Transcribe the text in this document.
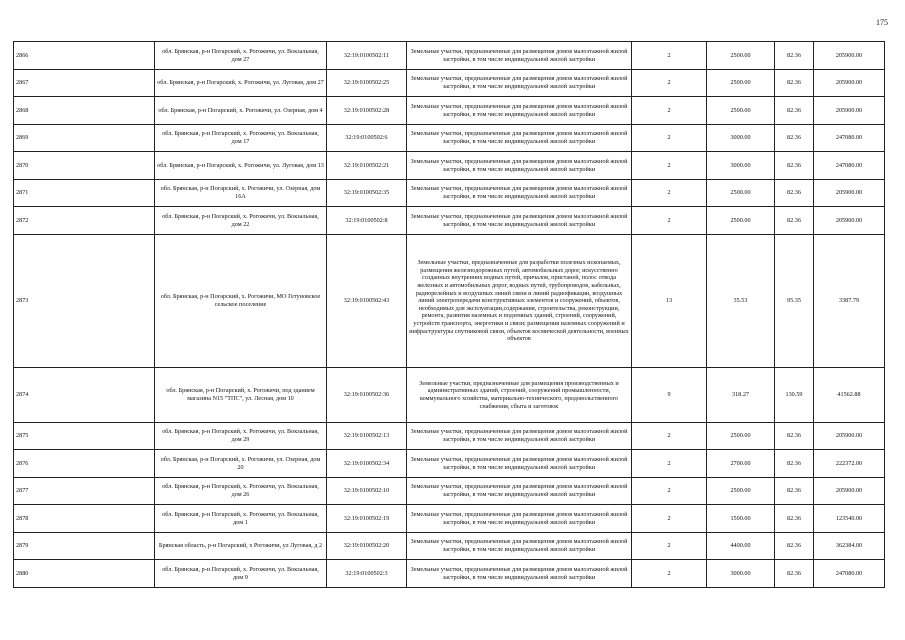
175
2866	обл. Брянская, р-н Погарский, х. Рогожичи, ул. Вокзальная, дом 27	32:19:0100502:11	Земельные участки, предназначенные для размещения домов малоэтажной жилой застройки, в том числе индивидуальной жилой застройки	2	2500.00	82.36	205900.00
2867	обл. Брянская, р-н Погарский, х. Рогожичи, ул. Луговая, дом 27	32:19:0100502:25	Земельные участки, предназначенные для размещения домов малоэтажной жилой застройки, в том числе индивидуальной жилой застройки	2	2500.00	82.36	205900.00
2868	обл. Брянская, р-н Погарский, х. Рогожичи, ул. Озерная, дом 4	32:19:0100502:28	Земельные участки, предназначенные для размещения домов малоэтажной жилой застройки, в том числе индивидуальной жилой застройки	2	2500.00	82.36	205900.00
2869	обл. Брянская, р-н Погарский, х. Рогожичи, ул. Вокзальная, дом 17	32:19:0100502:6	Земельные участки, предназначенные для размещения домов малоэтажной жилой застройки, в том числе индивидуальной жилой застройки	2	3000.00	82.36	247080.00
2870	обл. Брянская, р-н Погарский, х. Рогожичи, ул. Луговая, дом 13	32:19:0100502:21	Земельные участки, предназначенные для размещения домов малоэтажной жилой застройки, в том числе индивидуальной жилой застройки	2	3000.00	82.36	247080.00
2871	обл. Брянская, р-н Погарский, х. Рогожичи, ул. Озерная, дом 16А	32:19:0100502:35	Земельные участки, предназначенные для размещения домов малоэтажной жилой застройки, в том числе индивидуальной жилой застройки	2	2500.00	82.36	205900.00
2872	обл. Брянская, р-н Погарский, х. Рогожичи, ул. Вокзальная, дом 22	32:19:0100502:8	Земельные участки, предназначенные для размещения домов малоэтажной жилой застройки, в том числе индивидуальной жилой застройки	2	2500.00	82.36	205900.00
2873	обл. Брянская, р-н Погарский, х. Рогожичи, МО Гетуновское сельское поселение	32:19:0100502:43	Земельные участки, предназначенные для разработки полезных ископаемых, размещения железнодорожных путей, автомобильных дорог, искусственно созданных внутренних водных путей, причалов, пристаней, полос отвода железных и автомобильных дорог, водных путей, трубопроводов, кабельных, радиорелейных и воздушных линий связи и линий радиофикации, воздушных линий электропередачи конструктивных элементов и сооружений, объектов, необходимых для эксплуатации,содержания, строительства, реконструкции, ремонта, развития наземных и подземных зданий, строений, сооружений, устройств транспорта, энергетики и связи; размещения наземных сооружений и инфраструктуры спутниковой связи, объектов космической деятельности, военных объектов	13	35.53	95.35	3387.79
2874	обл. Брянская, р-н Погарский, х. Рогожичи, под зданием магазина N15 "ТПС", ул. Лесная, дом 10	32:19:0100502:36	Земельные участки, предназначенные для размещения производственных и административных зданий, строений, сооружений промышленности, коммунального хозяйства, материально-технического, продовольственного снабжения, сбыта и заготовок	9	318.27	130.59	41562.88
2875	обл. Брянская, р-н Погарский, х. Рогожичи, ул. Вокзальная, дом 29	32:19:0100502:13	Земельные участки, предназначенные для размещения домов малоэтажной жилой застройки, в том числе индивидуальной жилой застройки	2	2500.00	82.36	205900.00
2876	обл. Брянская, р-н Погарский, х. Рогожичи, ул. Озерная, дом 20	32:19:0100502:34	Земельные участки, предназначенные для размещения домов малоэтажной жилой застройки, в том числе индивидуальной жилой застройки	2	2700.00	82.36	222372.00
2877	обл. Брянская, р-н Погарский, х. Рогожичи, ул. Вокзальная, дом 26	32:19:0100502:10	Земельные участки, предназначенные для размещения домов малоэтажной жилой застройки, в том числе индивидуальной жилой застройки	2	2500.00	82.36	205900.00
2878	обл. Брянская, р-н Погарский, х. Рогожичи, ул. Вокзальная, дом 1	32:19:0100502:19	Земельные участки, предназначенные для размещения домов малоэтажной жилой застройки, в том числе индивидуальной жилой застройки	2	1500.00	82.36	123540.00
2879	Брянская область, р-н Погарский, х Рогожичи, ул Луговая, д 2	32:19:0100502:20	Земельные участки, предназначенные для размещения домов малоэтажной жилой застройки, в том числе индивидуальной жилой застройки	2	4400.00	82.36	362384.00
2880	обл. Брянская, р-н Погарский, х. Рогожичи, ул. Вокзальная, дом 9	32:19:0100502:3	Земельные участки, предназначенные для размещения домов малоэтажной жилой застройки, в том числе индивидуальной жилой застройки	2	3000.00	82.36	247080.00
